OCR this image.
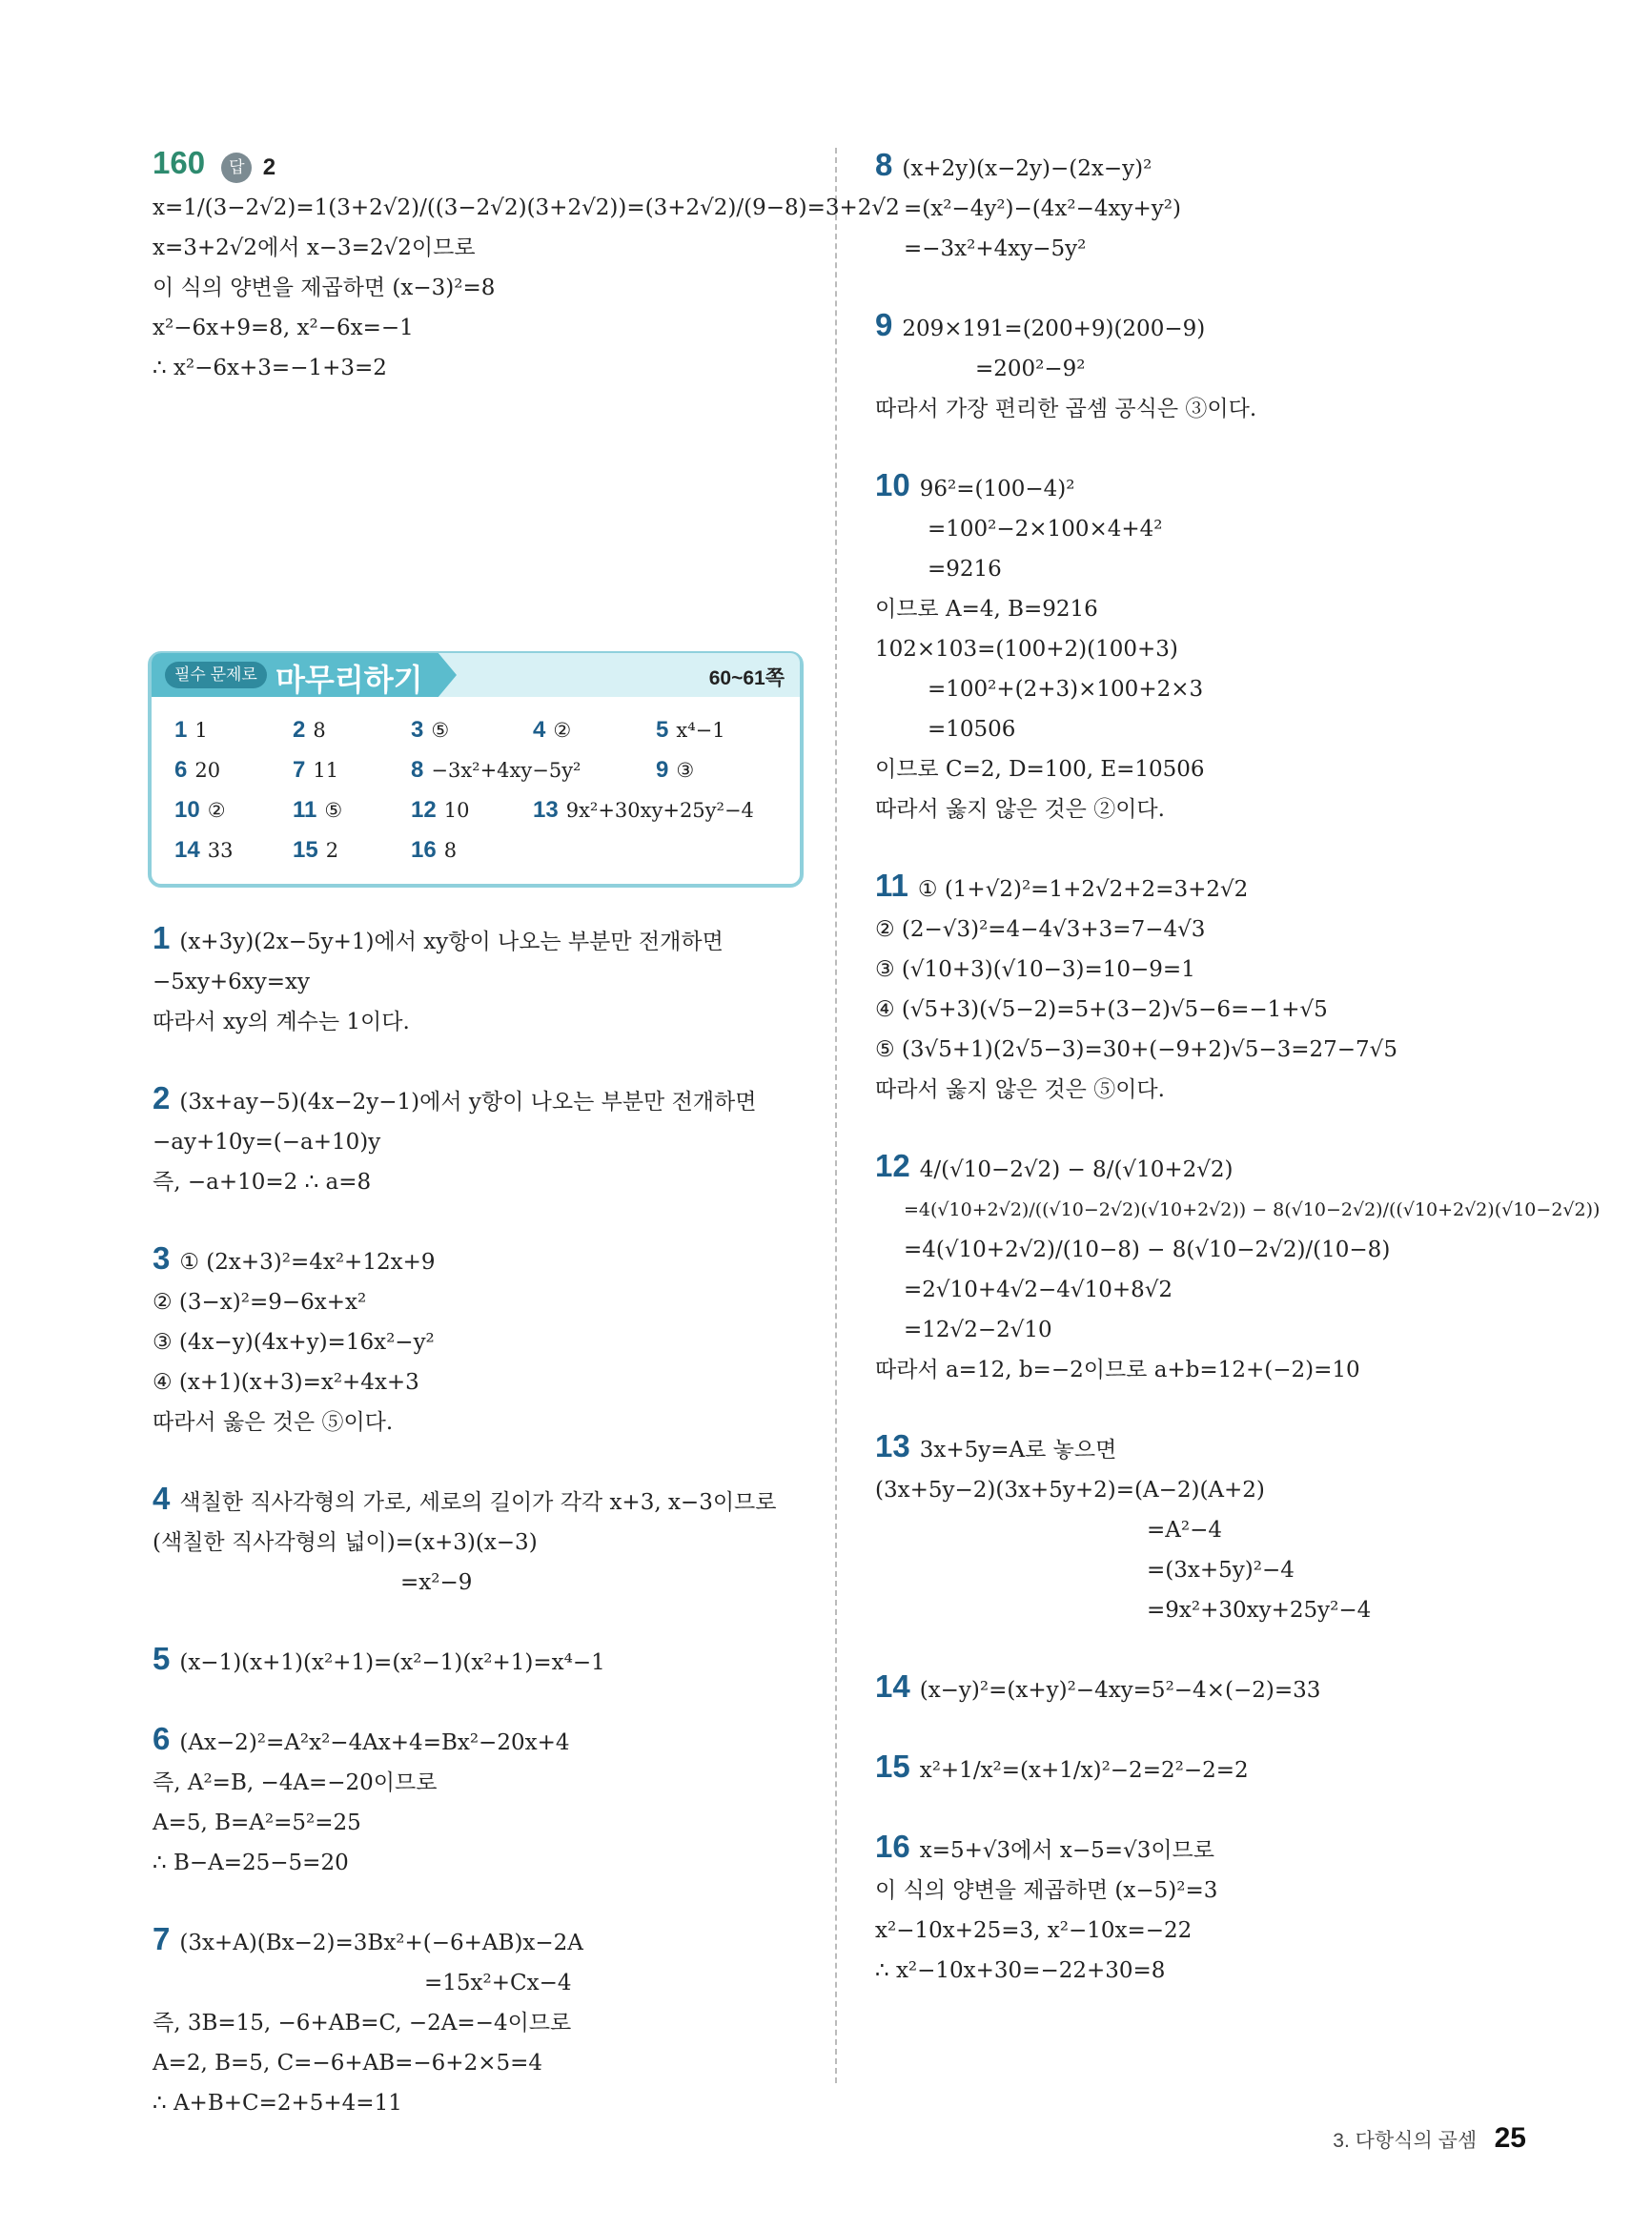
160 답 2
x=1/(3−2√2)=1(3+2√2)/((3−2√2)(3+2√2))=(3+2√2)/(9−8)=3+2√2
x=3+2√2에서 x−3=2√2이므로
이 식의 양변을 제곱하면 (x−3)²=8
x²−6x+9=8, x²−6x=−1
∴ x²−6x+3=−1+3=2
필수 문제로 마무리하기	60~61쪽
1 1	2 8	3 ⑤	4 ②	5 x⁴−1
6 20	7 11	8 −3x²+4xy−5y²	9 ③
10 ②	11 ⑤	12 10	13 9x²+30xy+25y²−4
14 33	15 2	16 8
1 (x+3y)(2x−5y+1)에서 xy항이 나오는 부분만 전개하면
−5xy+6xy=xy
따라서 xy의 계수는 1이다.
2 (3x+ay−5)(4x−2y−1)에서 y항이 나오는 부분만 전개하면
−ay+10y=(−a+10)y
즉, −a+10=2 ∴ a=8
3 ① (2x+3)²=4x²+12x+9
② (3−x)²=9−6x+x²
③ (4x−y)(4x+y)=16x²−y²
④ (x+1)(x+3)=x²+4x+3
따라서 옳은 것은 ⑤이다.
4 색칠한 직사각형의 가로, 세로의 길이가 각각 x+3, x−3이므로
(색칠한 직사각형의 넓이)=(x+3)(x−3)
=x²−9
5 (x−1)(x+1)(x²+1)=(x²−1)(x²+1)=x⁴−1
6 (Ax−2)²=A²x²−4Ax+4=Bx²−20x+4
즉, A²=B, −4A=−20이므로
A=5, B=A²=5²=25
∴ B−A=25−5=20
7 (3x+A)(Bx−2)=3Bx²+(−6+AB)x−2A
=15x²+Cx−4
즉, 3B=15, −6+AB=C, −2A=−4이므로
A=2, B=5, C=−6+AB=−6+2×5=4
∴ A+B+C=2+5+4=11
8 (x+2y)(x−2y)−(2x−y)²
=(x²−4y²)−(4x²−4xy+y²)
=−3x²+4xy−5y²
9 209×191=(200+9)(200−9)
=200²−9²
따라서 가장 편리한 곱셈 공식은 ③이다.
10 96²=(100−4)²
=100²−2×100×4+4²
=9216
이므로 A=4, B=9216
102×103=(100+2)(100+3)
=100²+(2+3)×100+2×3
=10506
이므로 C=2, D=100, E=10506
따라서 옳지 않은 것은 ②이다.
11 ① (1+√2)²=1+2√2+2=3+2√2
② (2−√3)²=4−4√3+3=7−4√3
③ (√10+3)(√10−3)=10−9=1
④ (√5+3)(√5−2)=5+(3−2)√5−6=−1+√5
⑤ (3√5+1)(2√5−3)=30+(−9+2)√5−3=27−7√5
따라서 옳지 않은 것은 ⑤이다.
12 4/(√10−2√2) − 8/(√10+2√2)
=4(√10+2√2)/((√10−2√2)(√10+2√2)) − 8(√10−2√2)/((√10+2√2)(√10−2√2))
=4(√10+2√2)/(10−8) − 8(√10−2√2)/(10−8)
=2√10+4√2−4√10+8√2
=12√2−2√10
따라서 a=12, b=−2이므로 a+b=12+(−2)=10
13 3x+5y=A로 놓으면
(3x+5y−2)(3x+5y+2)=(A−2)(A+2)
=A²−4
=(3x+5y)²−4
=9x²+30xy+25y²−4
14 (x−y)²=(x+y)²−4xy=5²−4×(−2)=33
15 x²+1/x²=(x+1/x)²−2=2²−2=2
16 x=5+√3에서 x−5=√3이므로
이 식의 양변을 제곱하면 (x−5)²=3
x²−10x+25=3, x²−10x=−22
∴ x²−10x+30=−22+30=8
3. 다항식의 곱셈 25
